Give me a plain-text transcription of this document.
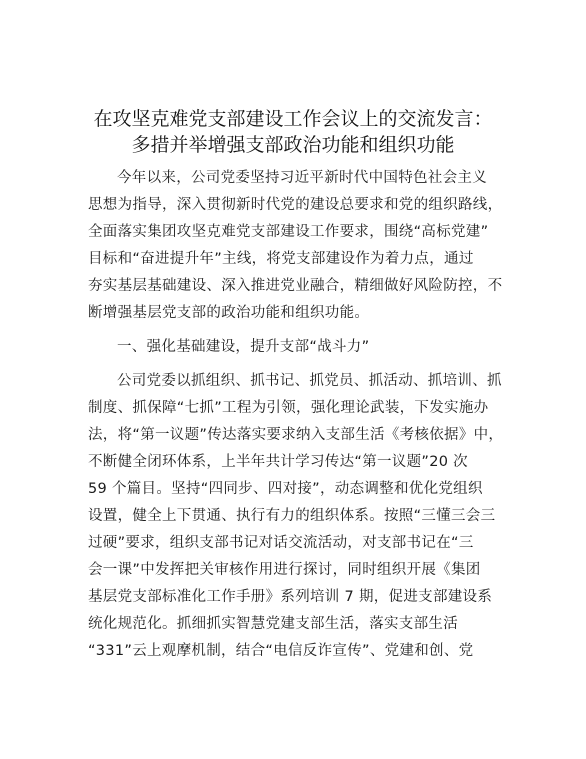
在攻坚克难党支部建设工作会议上的交流发言：
多措并举增强支部政治功能和组织功能
今年以来，公司党委坚持习近平新时代中国特色社会主义
思想为指导，深入贯彻新时代党的建设总要求和党的组织路线，
全面落实集团攻坚克难党支部建设工作要求，围绕“高标党建”
目标和“奋进提升年”主线，将党支部建设作为着力点，通过
夯实基层基础建设、深入推进党业融合，精细做好风险防控，不
断增强基层党支部的政治功能和组织功能。
一、强化基础建设，提升支部“战斗力”
公司党委以抓组织、抓书记、抓党员、抓活动、抓培训、抓
制度、抓保障“七抓”工程为引领，强化理论武装，下发实施办
法，将“第一议题”传达落实要求纳入支部生活《考核依据》中，
不断健全闭环体系，上半年共计学习传达“第一议题”20 次
59 个篇目。坚持“四同步、四对接”，动态调整和优化党组织
设置，健全上下贯通、执行有力的组织体系。按照“三懂三会三
过硬”要求，组织支部书记对话交流活动，对支部书记在“三
会一课”中发挥把关审核作用进行探讨，同时组织开展《集团
基层党支部标准化工作手册》系列培训 7 期，促进支部建设系
统化规范化。抓细抓实智慧党建支部生活，落实支部生活
“331”云上观摩机制，结合“电信反诈宣传”、党建和创、党
